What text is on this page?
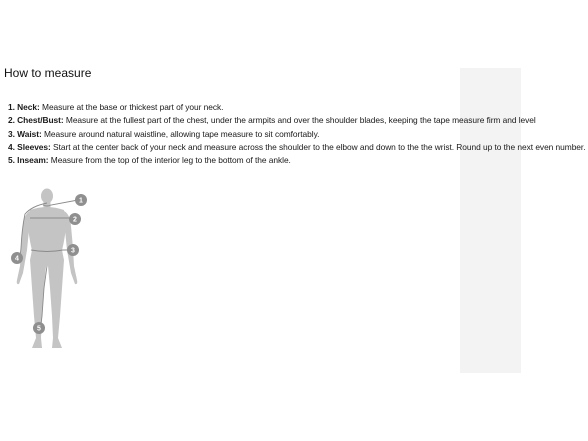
How to measure
1. Neck: Measure at the base or thickest part of your neck.
2. Chest/Bust: Measure at the fullest part of the chest, under the armpits and over the shoulder blades, keeping the tape measure firm and level
3. Waist: Measure around natural waistline, allowing tape measure to sit comfortably.
4. Sleeves: Start at the center back of your neck and measure across the shoulder to the elbow and down to the the wrist. Round up to the next even number.
5. Inseam: Measure from the top of the interior leg to the bottom of the ankle.
1
2
3
4
5
